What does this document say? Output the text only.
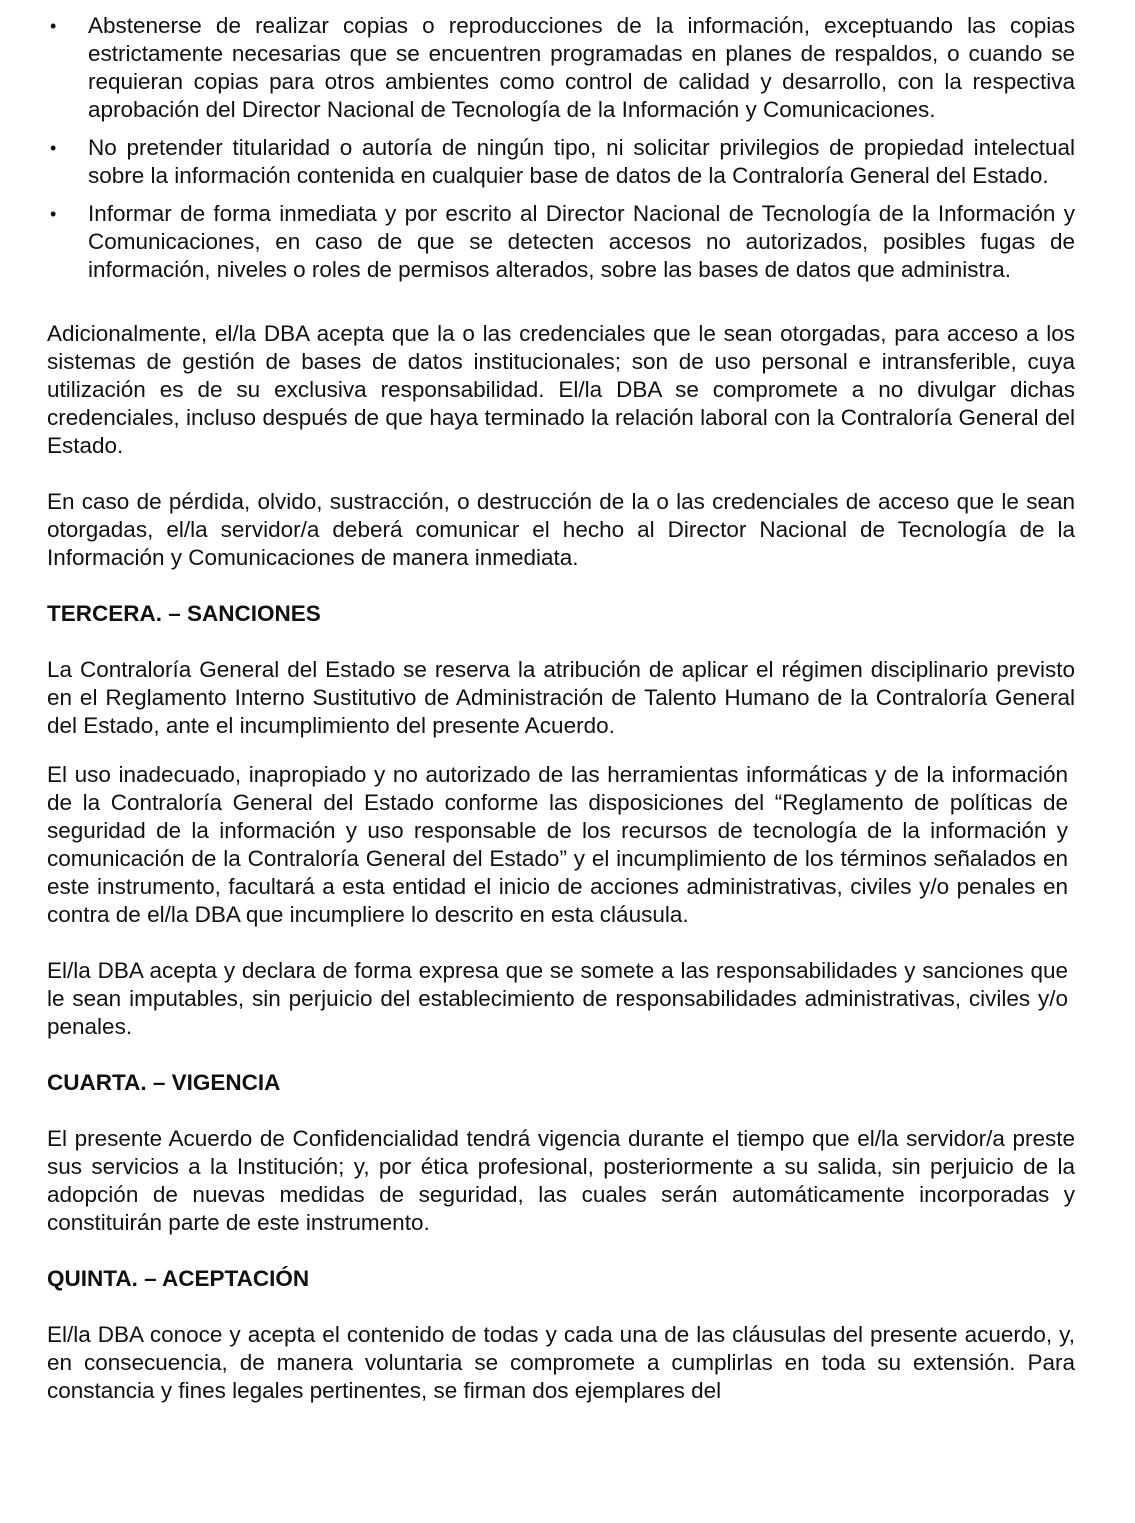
• Abstenerse de realizar copias o reproducciones de la información, exceptuando las copias estrictamente necesarias que se encuentren programadas en planes de respaldos, o cuando se requieran copias para otros ambientes como control de calidad y desarrollo, con la respectiva aprobación del Director Nacional de Tecnología de la Información y Comunicaciones.
• No pretender titularidad o autoría de ningún tipo, ni solicitar privilegios de propiedad intelectual sobre la información contenida en cualquier base de datos de la Contraloría General del Estado.
• Informar de forma inmediata y por escrito al Director Nacional de Tecnología de la Información y Comunicaciones, en caso de que se detecten accesos no autorizados, posibles fugas de información, niveles o roles de permisos alterados, sobre las bases de datos que administra.

Adicionalmente, el/la DBA acepta que la o las credenciales que le sean otorgadas, para acceso a los sistemas de gestión de bases de datos institucionales; son de uso personal e intransferible, cuya utilización es de su exclusiva responsabilidad. El/la DBA se compromete a no divulgar dichas credenciales, incluso después de que haya terminado la relación laboral con la Contraloría General del Estado.

En caso de pérdida, olvido, sustracción, o destrucción de la o las credenciales de acceso que le sean otorgadas, el/la servidor/a deberá comunicar el hecho al Director Nacional de Tecnología de la Información y Comunicaciones de manera inmediata.

TERCERA. – SANCIONES

La Contraloría General del Estado se reserva la atribución de aplicar el régimen disciplinario previsto en el Reglamento Interno Sustitutivo de Administración de Talento Humano de la Contraloría General del Estado, ante el incumplimiento del presente Acuerdo.

El uso inadecuado, inapropiado y no autorizado de las herramientas informáticas y de la información de la Contraloría General del Estado conforme las disposiciones del “Reglamento de políticas de seguridad de la información y uso responsable de los recursos de tecnología de la información y comunicación de la Contraloría General del Estado” y el incumplimiento de los términos señalados en este instrumento, facultará a esta entidad el inicio de acciones administrativas, civiles y/o penales en contra de el/la DBA que incumpliere lo descrito en esta cláusula.

El/la DBA acepta y declara de forma expresa que se somete a las responsabilidades y sanciones que le sean imputables, sin perjuicio del establecimiento de responsabilidades administrativas, civiles y/o penales.

CUARTA. – VIGENCIA

El presente Acuerdo de Confidencialidad tendrá vigencia durante el tiempo que el/la servidor/a preste sus servicios a la Institución; y, por ética profesional, posteriormente a su salida, sin perjuicio de la adopción de nuevas medidas de seguridad, las cuales serán automáticamente incorporadas y constituirán parte de este instrumento.

QUINTA. – ACEPTACIÓN

El/la DBA conoce y acepta el contenido de todas y cada una de las cláusulas del presente acuerdo, y, en consecuencia, de manera voluntaria se compromete a cumplirlas en toda su extensión. Para constancia y fines legales pertinentes, se firman dos ejemplares del
